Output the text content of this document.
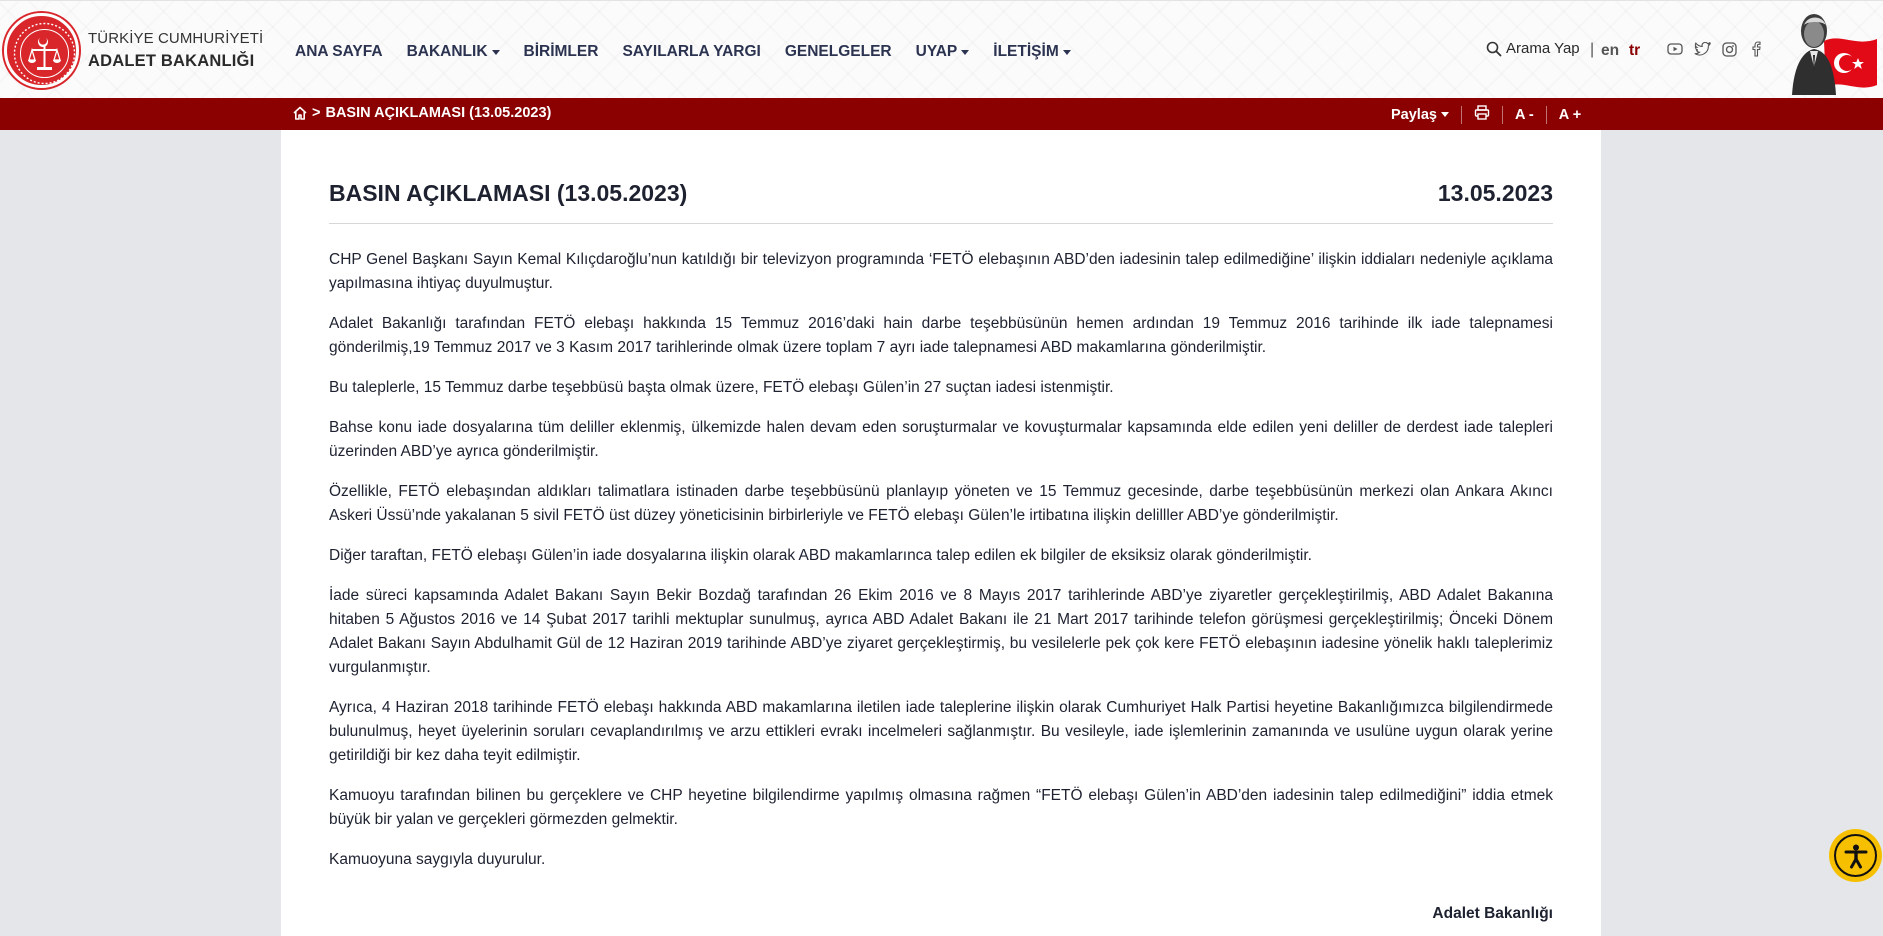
TÜRKİYE CUMHURİYETİ
ADALET BAKANLIĞI
ANA SAYFA BAKANLIK BİRİMLER SAYILARLA YARGI GENELGELER UYAP İLETİŞİM	Arama Yap | en tr
> BASIN AÇIKLAMASI (13.05.2023)	Paylaş	A - A +
BASIN AÇIKLAMASI (13.05.2023)	13.05.2023

CHP Genel Başkanı Sayın Kemal Kılıçdaroğlu’nun katıldığı bir televizyon programında ‘FETÖ elebaşının ABD’den iadesinin talep edilmediğine’ ilişkin iddiaları nedeniyle açıklama yapılmasına ihtiyaç duyulmuştur.

Adalet Bakanlığı tarafından FETÖ elebaşı hakkında 15 Temmuz 2016’daki hain darbe teşebbüsünün hemen ardından 19 Temmuz 2016 tarihinde ilk iade talepnamesi gönderilmiş,19 Temmuz 2017 ve 3 Kasım 2017 tarihlerinde olmak üzere toplam 7 ayrı iade talepnamesi ABD makamlarına gönderilmiştir.

Bu taleplerle, 15 Temmuz darbe teşebbüsü başta olmak üzere, FETÖ elebaşı Gülen’in 27 suçtan iadesi istenmiştir.

Bahse konu iade dosyalarına tüm deliller eklenmiş, ülkemizde halen devam eden soruşturmalar ve kovuşturmalar kapsamında elde edilen yeni deliller de derdest iade talepleri üzerinden ABD’ye ayrıca gönderilmiştir.

Özellikle, FETÖ elebaşından aldıkları talimatlara istinaden darbe teşebbüsünü planlayıp yöneten ve 15 Temmuz gecesinde, darbe teşebbüsünün merkezi olan Ankara Akıncı Askeri Üssü’nde yakalanan 5 sivil FETÖ üst düzey yöneticisinin birbirleriyle ve FETÖ elebaşı Gülen’le irtibatına ilişkin delilller ABD’ye gönderilmiştir.

Diğer taraftan, FETÖ elebaşı Gülen’in iade dosyalarına ilişkin olarak ABD makamlarınca talep edilen ek bilgiler de eksiksiz olarak gönderilmiştir.

İade süreci kapsamında Adalet Bakanı Sayın Bekir Bozdağ tarafından 26 Ekim 2016 ve 8 Mayıs 2017 tarihlerinde ABD’ye ziyaretler gerçekleştirilmiş, ABD Adalet Bakanına hitaben 5 Ağustos 2016 ve 14 Şubat 2017 tarihli mektuplar sunulmuş, ayrıca ABD Adalet Bakanı ile 21 Mart 2017 tarihinde telefon görüşmesi gerçekleştirilmiş; Önceki Dönem Adalet Bakanı Sayın Abdulhamit Gül de 12 Haziran 2019 tarihinde ABD’ye ziyaret gerçekleştirmiş, bu vesilelerle pek çok kere FETÖ elebaşının iadesine yönelik haklı taleplerimiz vurgulanmıştır.

Ayrıca, 4 Haziran 2018 tarihinde FETÖ elebaşı hakkında ABD makamlarına iletilen iade taleplerine ilişkin olarak Cumhuriyet Halk Partisi heyetine Bakanlığımızca bilgilendirmede bulunulmuş, heyet üyelerinin soruları cevaplandırılmış ve arzu ettikleri evrakı incelmeleri sağlanmıştır. Bu vesileyle, iade işlemlerinin zamanında ve usulüne uygun olarak yerine getirildiği bir kez daha teyit edilmiştir.

Kamuoyu tarafından bilinen bu gerçeklere ve CHP heyetine bilgilendirme yapılmış olmasına rağmen “FETÖ elebaşı Gülen’in ABD’den iadesinin talep edilmediğini” iddia etmek büyük bir yalan ve gerçekleri görmezden gelmektir.

Kamuoyuna saygıyla duyurulur.

Adalet Bakanlığı
